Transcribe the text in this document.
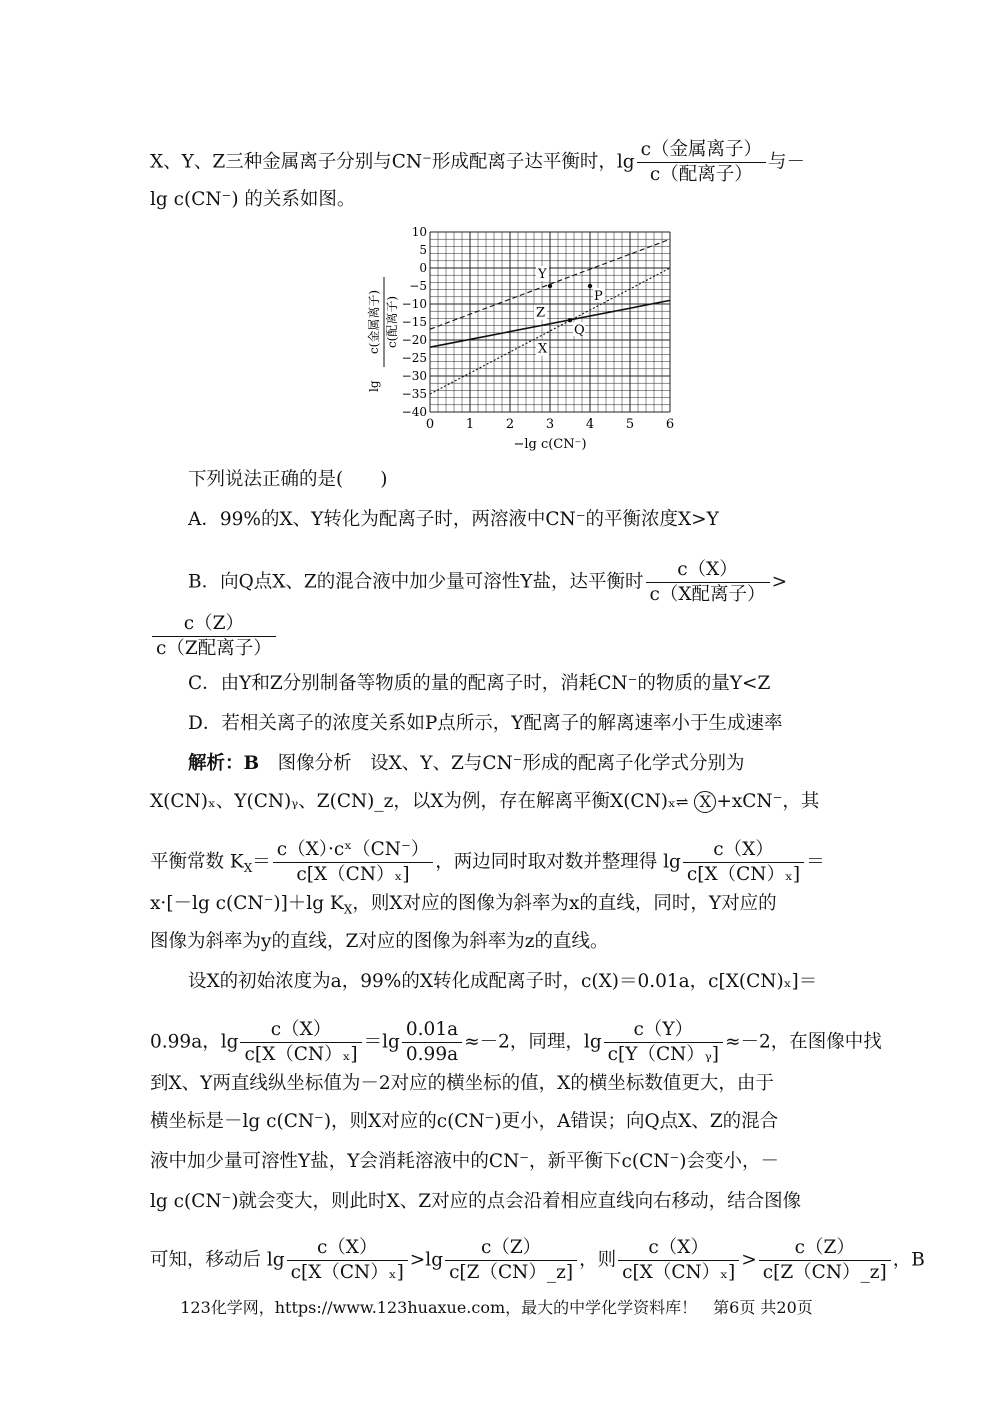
X、Y、Z三种金属离子分别与CN⁻形成配离子达平衡时，lg
c（金属离子）
c（配离子）
与－
lg c(CN⁻) 的关系如图。
0 1 2 3 4 5 6
10
5
0
−5
−10
−15
−20
−25
−30
−35
−40
P
Q
Y
Z
X
−lg c(CN⁻)
lg
c(金属离子) c(配离子)
下列说法正确的是(　　)
A．99%的X、Y转化为配离子时，两溶液中CN⁻的平衡浓度X>Y
B．向Q点X、Z的混合液中加少量可溶性Y盐，达平衡时
c（X）
c（X配离子）
>
c（Z）
c（Z配离子）
C．由Y和Z分别制备等物质的量的配离子时，消耗CN⁻的物质的量Y<Z
D．若相关离子的浓度关系如P点所示，Y配离子的解离速率小于生成速率
解析：B　图像分析　设X、Y、Z与CN⁻形成的配离子化学式分别为
X(CN)ₓ、Y(CN)ᵧ、Z(CN)_z，以X为例，存在解离平衡X(CN)ₓ⇌ X +xCN⁻，其
平衡常数 $K_X= \frac{\text{c（X）·cˣ（CN⁻）}}{\text{c[X（CN）ₓ]}}$ ，两边同时取对数并整理得 $\lg \frac{c(X)}{\text{c[X（CN）ₓ]}}$ ＝
x·[－lg c(CN⁻)]＋lg $K_X$，则X对应的图像为斜率为x的直线，同时，Y对应的
图像为斜率为y的直线，Z对应的图像为斜率为z的直线。
设X的初始浓度为a，99%的X转化成配离子时，c(X)＝0.01a，c[X(CN)ₓ]＝
0.99a，$\lg \frac{c(X)}{\text{c[X（CN）ₓ]}} =\lg \frac{0.01a}{0.99a} \approx-2$，同理，$\lg \frac{c(Y)}{\text{c[Y（CN）ᵧ]}} \approx-2$，在图像中找
到X、Y两直线纵坐标值为－2对应的横坐标的值，X的横坐标数值更大，由于
横坐标是－lg c(CN⁻)，则X对应的c(CN⁻)更小，A错误；向Q点X、Z的混合
液中加少量可溶性Y盐，Y会消耗溶液中的CN⁻，新平衡下c(CN⁻)会变小，－
lg c(CN⁻)就会变大，则此时X、Z对应的点会沿着相应直线向右移动，结合图像
可知，移动后 $\lg \frac{c(X)}{\text{c[X（CN）ₓ]}} >\lg \frac{c(Z)}{c[Z(CN)\_z]}$ ，则 $\frac{c(X)}{\text{c[X（CN）ₓ]}} > \frac{c(Z)}{c[Z(CN)\_z]}$ ，B
123化学网，https://www.123huaxue.com，最大的中学化学资料库！　第6页 共20页
